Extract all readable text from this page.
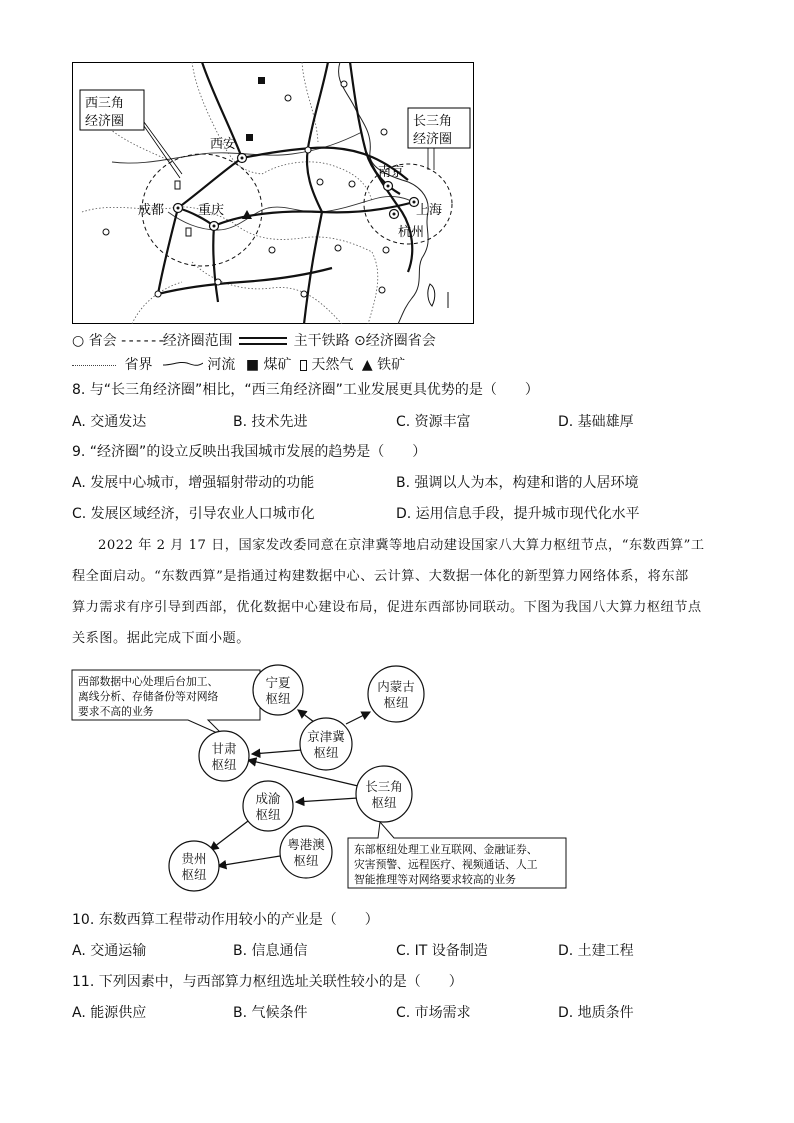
西三角
经济圈	长三角
经济圈
西安
成都	重庆
南京
上海
杭州
○ 省会 - - - - - -经济圈范围	主干铁路 ⊙经济圈省会
省界	河流 ■ 煤矿 天然气 ▲ 铁矿
8. 与“长三角经济圈”相比，“西三角经济圈”工业发展更具优势的是（　　）
A. 交通发达	B. 技术先进	C. 资源丰富	D. 基础雄厚
9. “经济圈”的设立反映出我国城市发展的趋势是（　　）
A. 发展中心城市，增强辐射带动的功能	B. 强调以人为本，构建和谐的人居环境
C. 发展区域经济，引导农业人口城市化	D. 运用信息手段，提升城市现代化水平
2022 年 2 月 17 日，国家发改委同意在京津冀等地启动建设国家八大算力枢纽节点，“东数西算”工
程全面启动。“东数西算”是指通过构建数据中心、云计算、大数据一体化的新型算力网络体系，将东部
算力需求有序引导到西部，优化数据中心建设布局，促进东西部协同联动。下图为我国八大算力枢纽节点
关系图。据此完成下面小题。
西部数据中心处理后台加工、
离线分析、存储备份等对网络
要求不高的业务
宁夏
枢纽
内蒙古
枢纽
京津冀
枢纽
甘肃
枢纽
长三角
枢纽
成渝
枢纽
粤港澳
枢纽
贵州
枢纽
东部枢纽处理工业互联网、金融证券、
灾害预警、远程医疗、视频通话、人工
智能推理等对网络要求较高的业务
10. 东数西算工程带动作用较小的产业是（　　）
A. 交通运输	B. 信息通信	C. IT 设备制造	D. 土建工程
11. 下列因素中，与西部算力枢纽选址关联性较小的是（　　）
A. 能源供应	B. 气候条件	C. 市场需求	D. 地质条件
